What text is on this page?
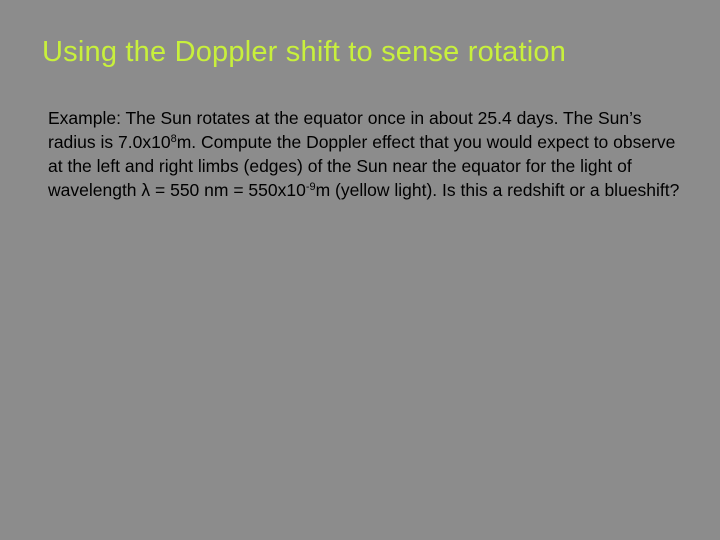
Using the Doppler shift to sense rotation

Example: The Sun rotates at the equator once in about 25.4 days. The Sun’s radius is $7.0x10^8m$. Compute the Doppler effect that you would expect to observe at the left and right limbs (edges) of the Sun near the equator for the light of wavelength λ = 550 nm = $550x10^{-9}m$ (yellow light). Is this a redshift or a blueshift?
